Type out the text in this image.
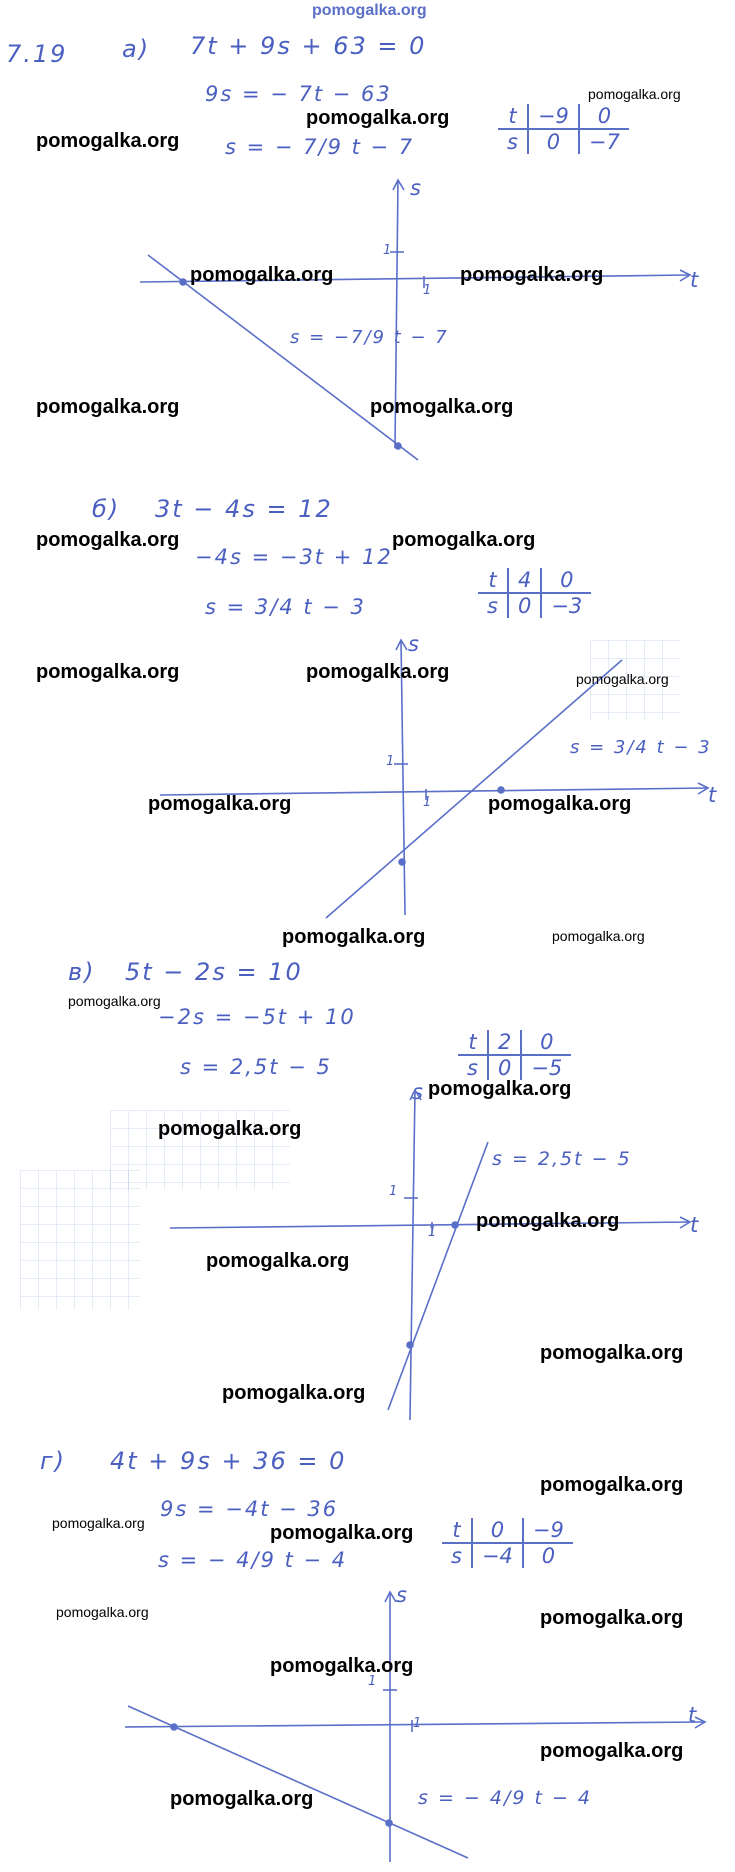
pomogalka.org
7.19 а) 7t + 9s + 63 = 0
9s = − 7t − 63
s = − 7/9 t − 7
t	−9	0
s	0	−7
s = −7/9 t − 7
s
t
1
1
б) 3t − 4s = 12
−4s = −3t + 12
s = 3/4 t − 3
t	4	0
s	0	−3
s = 3/4 t − 3
s
t
1
1
в) 5t − 2s = 10
−2s = −5t + 10
s = 2,5t − 5
t	2	0
s	0	−5
s = 2,5t − 5
s
t
1
1
г) 4t + 9s + 36 = 0
9s = −4t − 36
s = − 4/9 t − 4
t	0	−9
s	−4	0
s = − 4/9 t − 4
s
t
1
1
pomogalka.org
pomogalka.org
pomogalka.org
pomogalka.org	pomogalka.org
pomogalka.org	pomogalka.org
pomogalka.org	pomogalka.org
pomogalka.org	pomogalka.org	pomogalka.org
pomogalka.org	pomogalka.org
pomogalka.org	pomogalka.org
pomogalka.org
pomogalka.org
pomogalka.org
pomogalka.org
pomogalka.org
pomogalka.org
pomogalka.org
pomogalka.org
pomogalka.org	pomogalka.org
pomogalka.org	pomogalka.org
pomogalka.org
pomogalka.org
pomogalka.org
